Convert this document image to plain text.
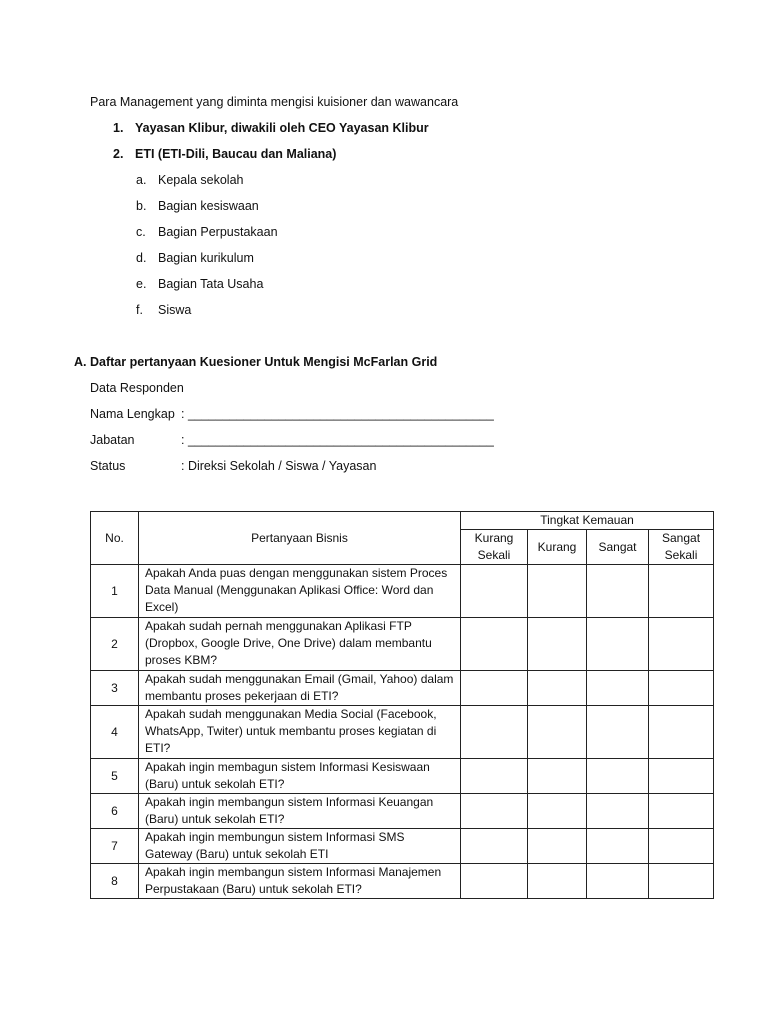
Para Management yang diminta mengisi kuisioner dan wawancara
1. Yayasan Klibur, diwakili oleh CEO Yayasan Klibur
2. ETI (ETI-Dili, Baucau dan Maliana)
a. Kepala sekolah
b. Bagian kesiswaan
c. Bagian Perpustakaan
d. Bagian kurikulum
e. Bagian Tata Usaha
f. Siswa
A. Daftar pertanyaan Kuesioner Untuk Mengisi McFarlan Grid
Data Responden
Nama Lengkap : ____________________________________________
Jabatan	: ____________________________________________
Status	: Direksi Sekolah / Siswa / Yayasan
No.	Pertanyaan Bisnis	Tingkat Kemauan			
		Kurang Sekali	Kurang	Sangat	Sangat Sekali
1	Apakah Anda puas dengan menggunakan sistem Proces Data Manual (Menggunakan Aplikasi Office: Word dan Excel)				
2	Apakah sudah pernah menggunakan Aplikasi FTP (Dropbox, Google Drive, One Drive) dalam membantu proses KBM?				
3	Apakah sudah menggunakan Email (Gmail, Yahoo) dalam membantu proses pekerjaan di ETI?				
4	Apakah sudah menggunakan Media Social (Facebook, WhatsApp, Twiter) untuk membantu proses kegiatan di ETI?				
5	Apakah ingin membagun sistem Informasi Kesiswaan (Baru) untuk sekolah ETI?				
6	Apakah ingin membangun sistem Informasi Keuangan (Baru) untuk sekolah ETI?				
7	Apakah ingin membungun sistem Informasi SMS Gateway (Baru) untuk sekolah ETI				
8	Apakah ingin membangun sistem Informasi Manajemen Perpustakaan (Baru) untuk sekolah ETI?				
